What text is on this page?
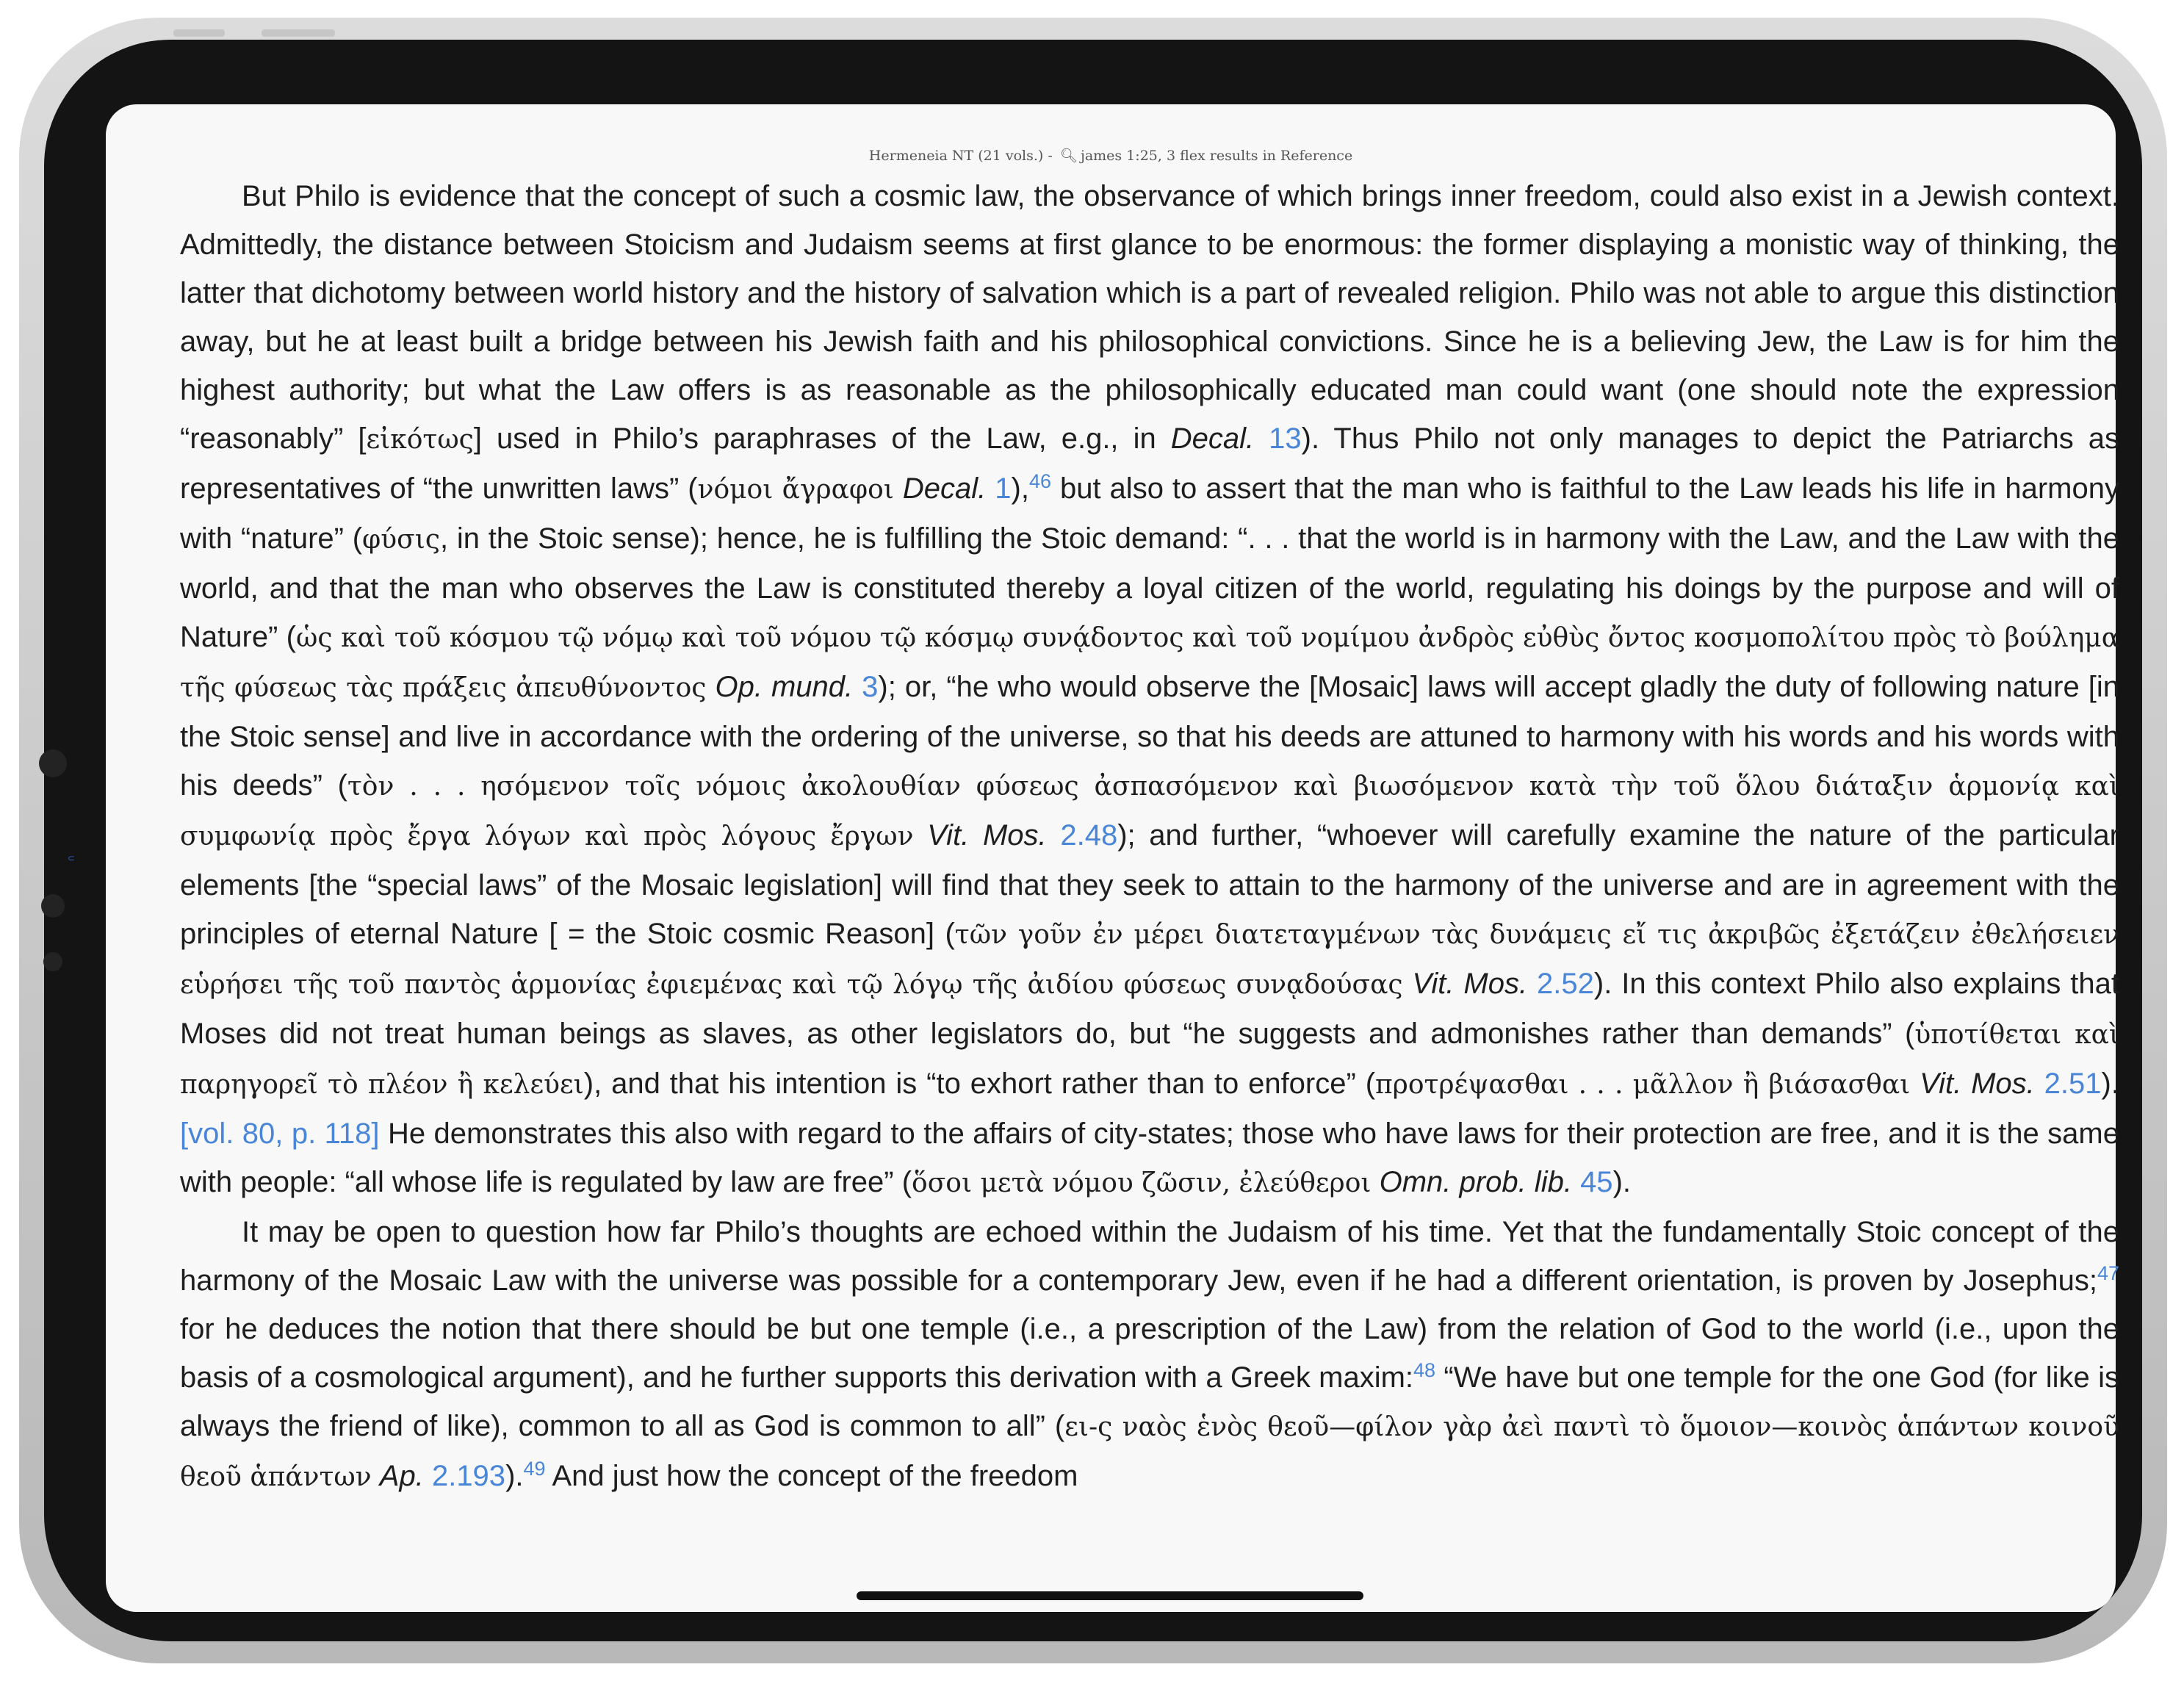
⊂
Hermeneia NT (21 vols.) - 🔍︎ james 1:25, 3 flex results in Reference

But Philo is evidence that the concept of such a cosmic law, the observance of which brings inner freedom, could also exist in a Jewish context. Admittedly, the distance between Stoicism and Judaism seems at first glance to be enormous: the former displaying a monistic way of thinking, the latter that dichotomy between world history and the history of salvation which is a part of revealed religion. Philo was not able to argue this distinction away, but he at least built a bridge between his Jewish faith and his philosophical convictions. Since he is a believing Jew, the Law is for him the highest authority; but what the Law offers is as reasonable as the philosophically educated man could want (one should note the expression “reasonably” [εἰκότως] used in Philo’s paraphrases of the Law, e.g., in Decal. 13). Thus Philo not only manages to depict the Patriarchs as representatives of “the unwritten laws” (νόμοι ἄγραφοι Decal. 1),$^{46}$ but also to assert that the man who is faithful to the Law leads his life in harmony with “nature” (φύσις, in the Stoic sense); hence, he is fulfilling the Stoic demand: “. . . that the world is in harmony with the Law, and the Law with the world, and that the man who observes the Law is constituted thereby a loyal citizen of the world, regulating his doings by the purpose and will of Nature” (ὡς καὶ τοῦ κόσμου τῷ νόμῳ καὶ τοῦ νόμου τῷ κόσμῳ συνᾴδοντος καὶ τοῦ νομίμου ἀνδρὸς εὐθὺς ὄντος κοσμοπολίτου πρὸς τὸ βούλημα τῆς φύσεως τὰς πράξεις ἀπευθύνοντος Op. mund. 3); or, “he who would observe the [Mosaic] laws will accept gladly the duty of following nature [in the Stoic sense] and live in accordance with the ordering of the universe, so that his deeds are attuned to harmony with his words and his words with his deeds” (τὸν . . . ησόμενον τοῖς νόμοις ἀκολουθίαν φύσεως ἀσπασόμενον καὶ βιωσόμενον κατὰ τὴν τοῦ ὅλου διάταξιν ἁρμονίᾳ καὶ συμφωνίᾳ πρὸς ἔργα λόγων καὶ πρὸς λόγους ἔργων Vit. Mos. 2.48); and further, “whoever will carefully examine the nature of the particular elements [the “special laws” of the Mosaic legislation] will find that they seek to attain to the harmony of the universe and are in agreement with the principles of eternal Nature [ = the Stoic cosmic Reason] (τῶν γοῦν ἐν μέρει διατεταγμένων τὰς δυνάμεις εἴ τις ἀκριβῶς ἐξετάζειν ἐθελήσειεν εὑρήσει τῆς τοῦ παντὸς ἁρμονίας ἐφιεμένας καὶ τῷ λόγῳ τῆς ἀιδίου φύσεως συνᾳδούσας Vit. Mos. 2.52). In this context Philo also explains that Moses did not treat human beings as slaves, as other legislators do, but “he suggests and admonishes rather than demands” (ὑποτίθεται καὶ παρηγορεῖ τὸ πλέον ἢ κελεύει), and that his intention is “to exhort rather than to enforce” (προτρέψασθαι . . . μᾶλλον ἢ βιάσασθαι Vit. Mos. 2.51). [vol. 80, p. 118] He demonstrates this also with regard to the affairs of city-states; those who have laws for their protection are free, and it is the same with people: “all whose life is regulated by law are free” (ὅσοι μετὰ νόμου ζῶσιν, ἐλεύθεροι Omn. prob. lib. 45).

It may be open to question how far Philo’s thoughts are echoed within the Judaism of his time. Yet that the fundamentally Stoic concept of the harmony of the Mosaic Law with the universe was possible for a contemporary Jew, even if he had a different orientation, is proven by Josephus;$^{47}$ for he deduces the notion that there should be but one temple (i.e., a prescription of the Law) from the relation of God to the world (i.e., upon the basis of a cosmological argument), and he further supports this derivation with a Greek maxim:$^{48}$ “We have but one temple for the one God (for like is always the friend of like), common to all as God is common to all” (ει-ς ναὸς ἑνὸς θεοῦ—φίλον γὰρ ἀεὶ παντὶ τὸ ὅμοιον—κοινὸς ἁπάντων κοινοῦ θεοῦ ἁπάντων Ap. 2.193).$^{49}$ And just how the concept of the freedom
